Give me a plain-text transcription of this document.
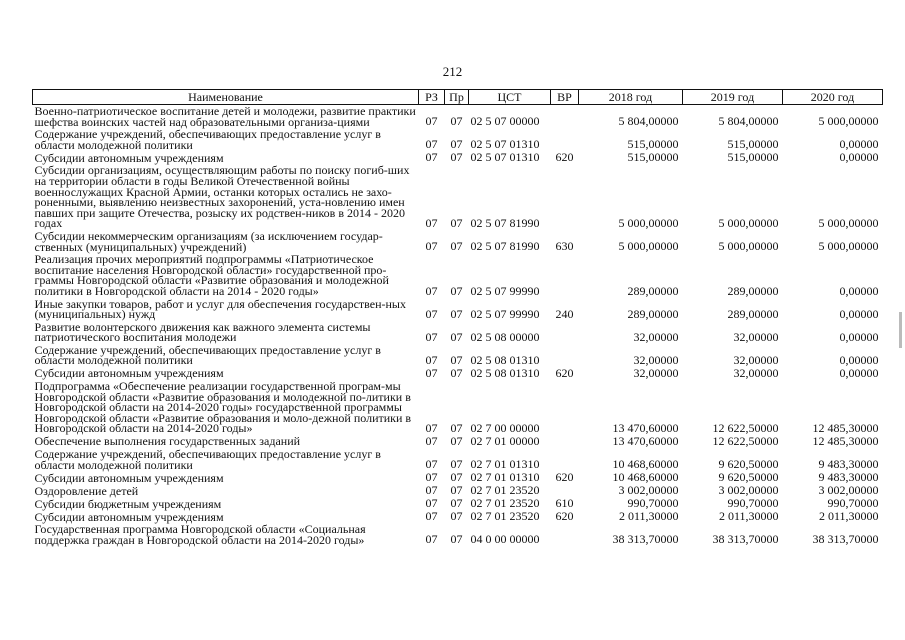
212
Наименование	РЗ	Пр	ЦСТ	ВР	2018 год	2019 год	2020 год
Военно-патриотическое воспитание детей и молодежи, развитие практики шефства воинских частей над образовательными организа-циями	07	07	02 5 07 00000		5 804,00000	5 804,00000	5 000,00000
Содержание учреждений, обеспечивающих предоставление услуг в области молодежной политики	07	07	02 5 07 01310		515,00000	515,00000	0,00000
Субсидии автономным учреждениям	07	07	02 5 07 01310	620	515,00000	515,00000	0,00000
Субсидии организациям, осуществляющим работы по поиску погиб-ших на территории области в годы Великой Отечественной войны военнослужащих Красной Армии, останки которых остались не захо-роненными, выявлению неизвестных захоронений, уста-новлению имен павших при защите Отечества, розыску их родствен-ников в 2014 - 2020 годах	07	07	02 5 07 81990		5 000,00000	5 000,00000	5 000,00000
Субсидии некоммерческим организациям (за исключением государ-ственных (муниципальных) учреждений)	07	07	02 5 07 81990	630	5 000,00000	5 000,00000	5 000,00000
Реализация прочих мероприятий подпрограммы «Патриотическое воспитание населения Новгородской области» государственной про-граммы Новгородской области «Развитие образования и молодежной политики в Новгородской области на 2014 - 2020 годы»	07	07	02 5 07 99990		289,00000	289,00000	0,00000
Иные закупки товаров, работ и услуг для обеспечения государствен-ных (муниципальных) нужд	07	07	02 5 07 99990	240	289,00000	289,00000	0,00000
Развитие волонтерского движения как важного элемента системы патриотического воспитания молодежи	07	07	02 5 08 00000		32,00000	32,00000	0,00000
Содержание учреждений, обеспечивающих предоставление услуг в области молодежной политики	07	07	02 5 08 01310		32,00000	32,00000	0,00000
Субсидии автономным учреждениям	07	07	02 5 08 01310	620	32,00000	32,00000	0,00000
Подпрограмма «Обеспечение реализации государственной програм-мы Новгородской области «Развитие образования и молодежной по-литики в Новгородской области на 2014-2020 годы» государственной программы Новгородской области «Развитие образования и моло-дежной политики в Новгородской области на 2014-2020 годы»	07	07	02 7 00 00000		13 470,60000	12 622,50000	12 485,30000
Обеспечение выполнения государственных заданий	07	07	02 7 01 00000		13 470,60000	12 622,50000	12 485,30000
Содержание учреждений, обеспечивающих предоставление услуг в области молодежной политики	07	07	02 7 01 01310		10 468,60000	9 620,50000	9 483,30000
Субсидии автономным учреждениям	07	07	02 7 01 01310	620	10 468,60000	9 620,50000	9 483,30000
Оздоровление детей	07	07	02 7 01 23520		3 002,00000	3 002,00000	3 002,00000
Субсидии бюджетным учреждениям	07	07	02 7 01 23520	610	990,70000	990,70000	990,70000
Субсидии автономным учреждениям	07	07	02 7 01 23520	620	2 011,30000	2 011,30000	2 011,30000
Государственная программа Новгородской области «Социальная поддержка граждан в Новгородской области на 2014-2020 годы»	07	07	04 0 00 00000		38 313,70000	38 313,70000	38 313,70000
